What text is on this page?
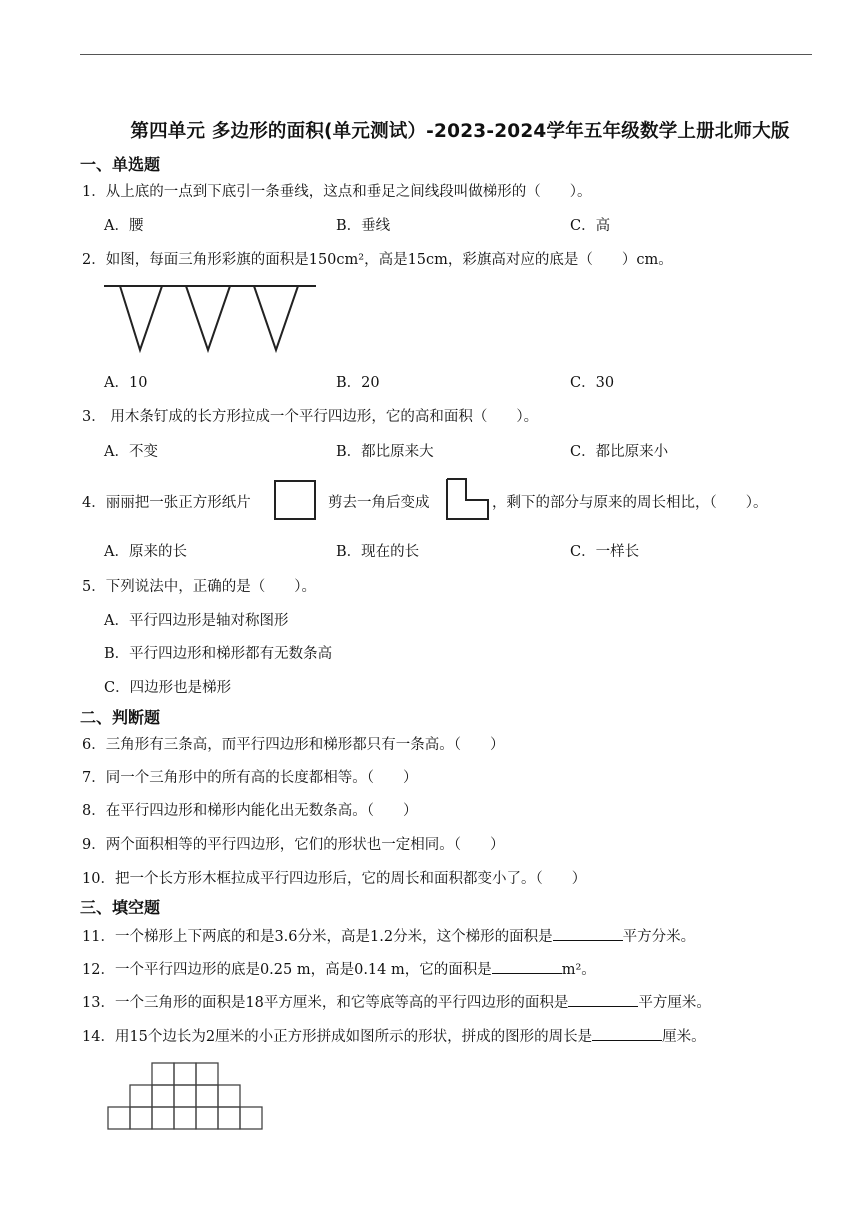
第四单元 多边形的面积(单元测试）-2023-2024学年五年级数学上册北师大版
一、单选题
1．从上底的一点到下底引一条垂线，这点和垂足之间线段叫做梯形的（　　）。
A．腰	B．垂线	C．高
2．如图，每面三角形彩旗的面积是150cm²，高是15cm，彩旗高对应的底是（　　）cm。
A．10	B．20	C．30
3． 用木条钉成的长方形拉成一个平行四边形，它的高和面积（　　）。
A．不变	B．都比原来大	C．都比原来小
4．丽丽把一张正方形纸片	剪去一角后变成	，剩下的部分与原来的周长相比，（　　）。
A．原来的长	B．现在的长	C．一样长
5．下列说法中，正确的是（　　）。
A．平行四边形是轴对称图形
B．平行四边形和梯形都有无数条高
C．四边形也是梯形
二、判断题
6．三角形有三条高，而平行四边形和梯形都只有一条高。（　　）
7．同一个三角形中的所有高的长度都相等。（　　）
8．在平行四边形和梯形内能化出无数条高。（　　）
9．两个面积相等的平行四边形，它们的形状也一定相同。（　　）
10．把一个长方形木框拉成平行四边形后，它的周长和面积都变小了。（　　）
三、填空题
11．一个梯形上下两底的和是3.6分米，高是1.2分米，这个梯形的面积是	平方分米。
12．一个平行四边形的底是0.25 m，高是0.14 m，它的面积是	m²。
13．一个三角形的面积是18平方厘米，和它等底等高的平行四边形的面积是	平方厘米。
14．用15个边长为2厘米的小正方形拼成如图所示的形状，拼成的图形的周长是	厘米。
